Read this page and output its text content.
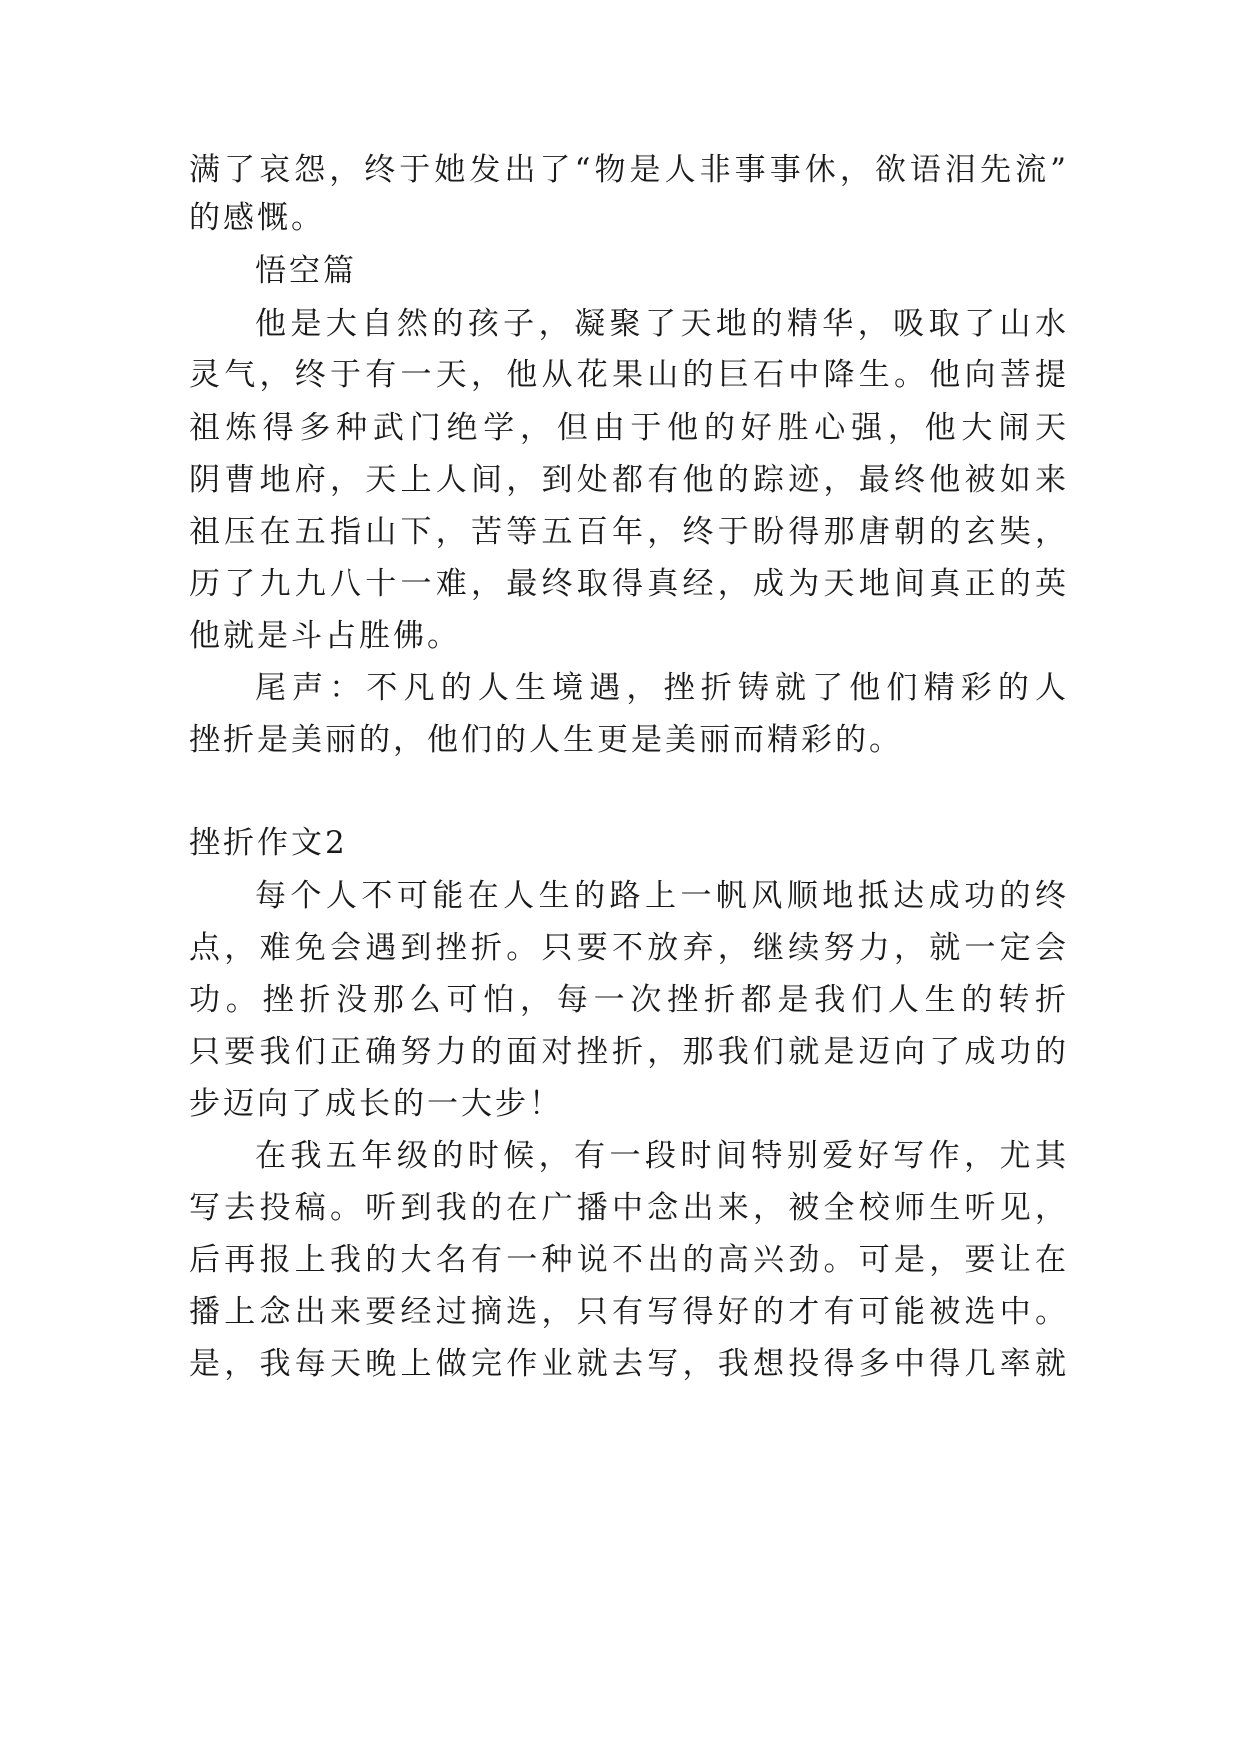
满了哀怨，终于她发出了“物是人非事事休，欲语泪先流”
的感慨。
悟空篇
他是大自然的孩子，凝聚了天地的精华，吸取了山水
灵气，终于有一天，他从花果山的巨石中降生。他向菩提
祖炼得多种武门绝学，但由于他的好胜心强，他大闹天
阴曹地府，天上人间，到处都有他的踪迹，最终他被如来
祖压在五指山下，苦等五百年，终于盼得那唐朝的玄奘，
历了九九八十一难，最终取得真经，成为天地间真正的英
他就是斗占胜佛。
尾声：不凡的人生境遇，挫折铸就了他们精彩的人
挫折是美丽的，他们的人生更是美丽而精彩的。
挫折作文2
每个人不可能在人生的路上一帆风顺地抵达成功的终
点，难免会遇到挫折。只要不放弃，继续努力，就一定会
功。挫折没那么可怕，每一次挫折都是我们人生的转折
只要我们正确努力的面对挫折，那我们就是迈向了成功的
步迈向了成长的一大步！
在我五年级的时候，有一段时间特别爱好写作，尤其
写去投稿。听到我的在广播中念出来，被全校师生听见，
后再报上我的大名有一种说不出的高兴劲。可是，要让在
播上念出来要经过摘选，只有写得好的才有可能被选中。
是，我每天晚上做完作业就去写，我想投得多中得几率就
